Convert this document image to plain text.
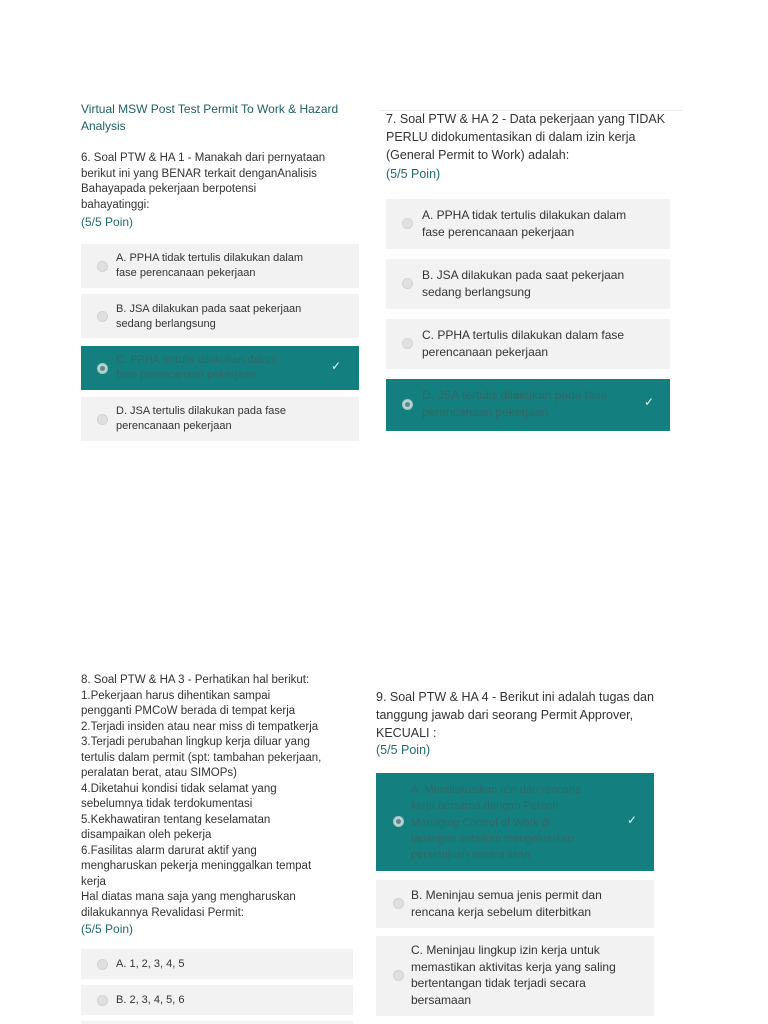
Virtual MSW Post Test Permit To Work & Hazard
Analysis
6. Soal PTW & HA 1 - Manakah dari pernyataan
berikut ini yang BENAR terkait denganAnalisis
Bahayapada pekerjaan berpotensi
bahayatinggi:
(5/5 Poin)
A. PPHA tidak tertulis dilakukan dalam
fase perencanaan pekerjaan
B. JSA dilakukan pada saat pekerjaan
sedang berlangsung
C. PPHA tertulis dilakukan dalam
fase perencanaan pekerjaan
✓
D. JSA tertulis dilakukan pada fase
perencanaan pekerjaan
7. Soal PTW & HA 2 - Data pekerjaan yang TIDAK
PERLU didokumentasikan di dalam izin kerja
(General Permit to Work) adalah:
(5/5 Poin)
A. PPHA tidak tertulis dilakukan dalam
fase perencanaan pekerjaan
B. JSA dilakukan pada saat pekerjaan
sedang berlangsung
C. PPHA tertulis dilakukan dalam fase
perencanaan pekerjaan
D. JSA tertulis dilakukan pada fase
perencanaan pekerjaan
✓
8. Soal PTW & HA 3 - Perhatikan hal berikut:
1.Pekerjaan harus dihentikan sampai
pengganti PMCoW berada di tempat kerja
2.Terjadi insiden atau near miss di tempatkerja
3.Terjadi perubahan lingkup kerja diluar yang
tertulis dalam permit (spt: tambahan pekerjaan,
peralatan berat, atau SIMOPs)
4.Diketahui kondisi tidak selamat yang
sebelumnya tidak terdokumentasi
5.Kekhawatiran tentang keselamatan
disampaikan oleh pekerja
6.Fasilitas alarm darurat aktif yang
mengharuskan pekerja meninggalkan tempat
kerja
Hal diatas mana saja yang mengharuskan
dilakukannya Revalidasi Permit:
(5/5 Poin)
A. 1, 2, 3, 4, 5
B. 2, 3, 4, 5, 6
9. Soal PTW & HA 4 - Berikut ini adalah tugas dan
tanggung jawab dari seorang Permit Approver,
KECUALI :
(5/5 Poin)
A. Mendiskusikan izin dan rencana
kerja bersama dengan Person
Managing Control of Work di
lapangan sebelum mengeluarkan
persetujuan secara lisan
✓
B. Meninjau semua jenis permit dan
rencana kerja sebelum diterbitkan
C. Meninjau lingkup izin kerja untuk
memastikan aktivitas kerja yang saling
bertentangan tidak terjadi secara
bersamaan
